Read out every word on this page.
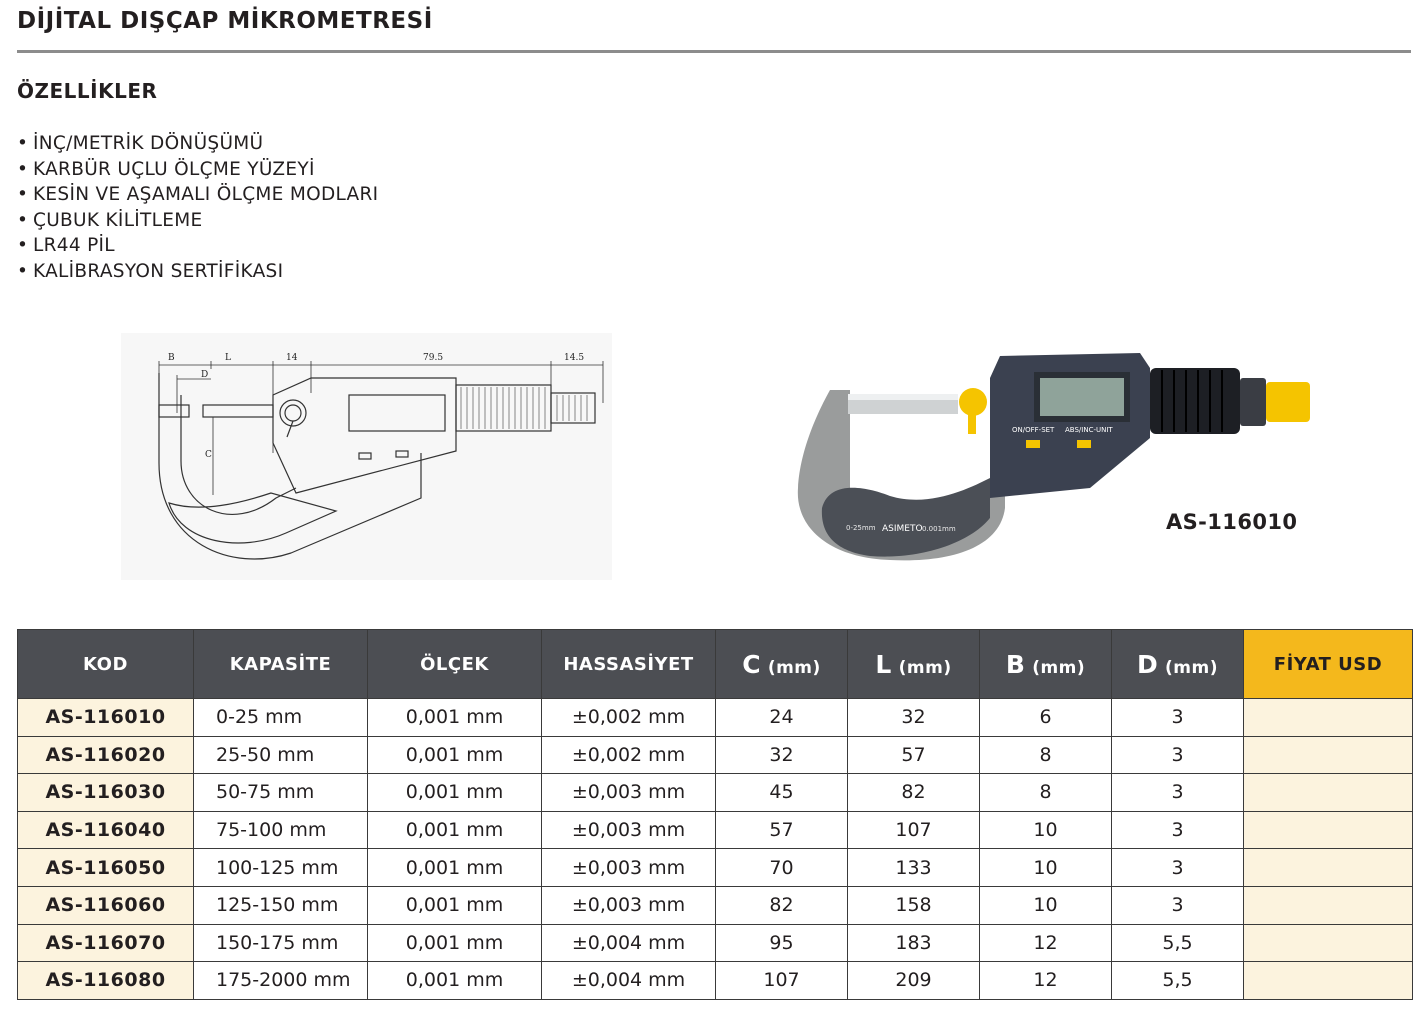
DİJİTAL DIŞÇAP MİKROMETRESİ
ÖZELLİKLER
• İNÇ/METRİK DÖNÜŞÜMÜ
• KARBÜR UÇLU ÖLÇME YÜZEYİ
• KESİN VE AŞAMALI ÖLÇME MODLARI
• ÇUBUK KİLİTLEME
• LR44 PİL
• KALİBRASYON SERTİFİKASI
B	L
D
C
14	79.5	14.5
ON/OFF-SET ABS/INC-UNIT
0-25mm ASIMETO 0.001mm	AS-116010
KOD	KAPASİTE	ÖLÇEK	HASSASİYET	C (mm)	L (mm)	B (mm)	D (mm)	FİYAT USD
AS-116010	0-25 mm	0,001 mm	±0,002 mm	24	32	6	3	
AS-116020	25-50 mm	0,001 mm	±0,002 mm	32	57	8	3	
AS-116030	50-75 mm	0,001 mm	±0,003 mm	45	82	8	3	
AS-116040	75-100 mm	0,001 mm	±0,003 mm	57	107	10	3	
AS-116050	100-125 mm	0,001 mm	±0,003 mm	70	133	10	3	
AS-116060	125-150 mm	0,001 mm	±0,003 mm	82	158	10	3	
AS-116070	150-175 mm	0,001 mm	±0,004 mm	95	183	12	5,5	
AS-116080	175-2000 mm	0,001 mm	±0,004 mm	107	209	12	5,5	
